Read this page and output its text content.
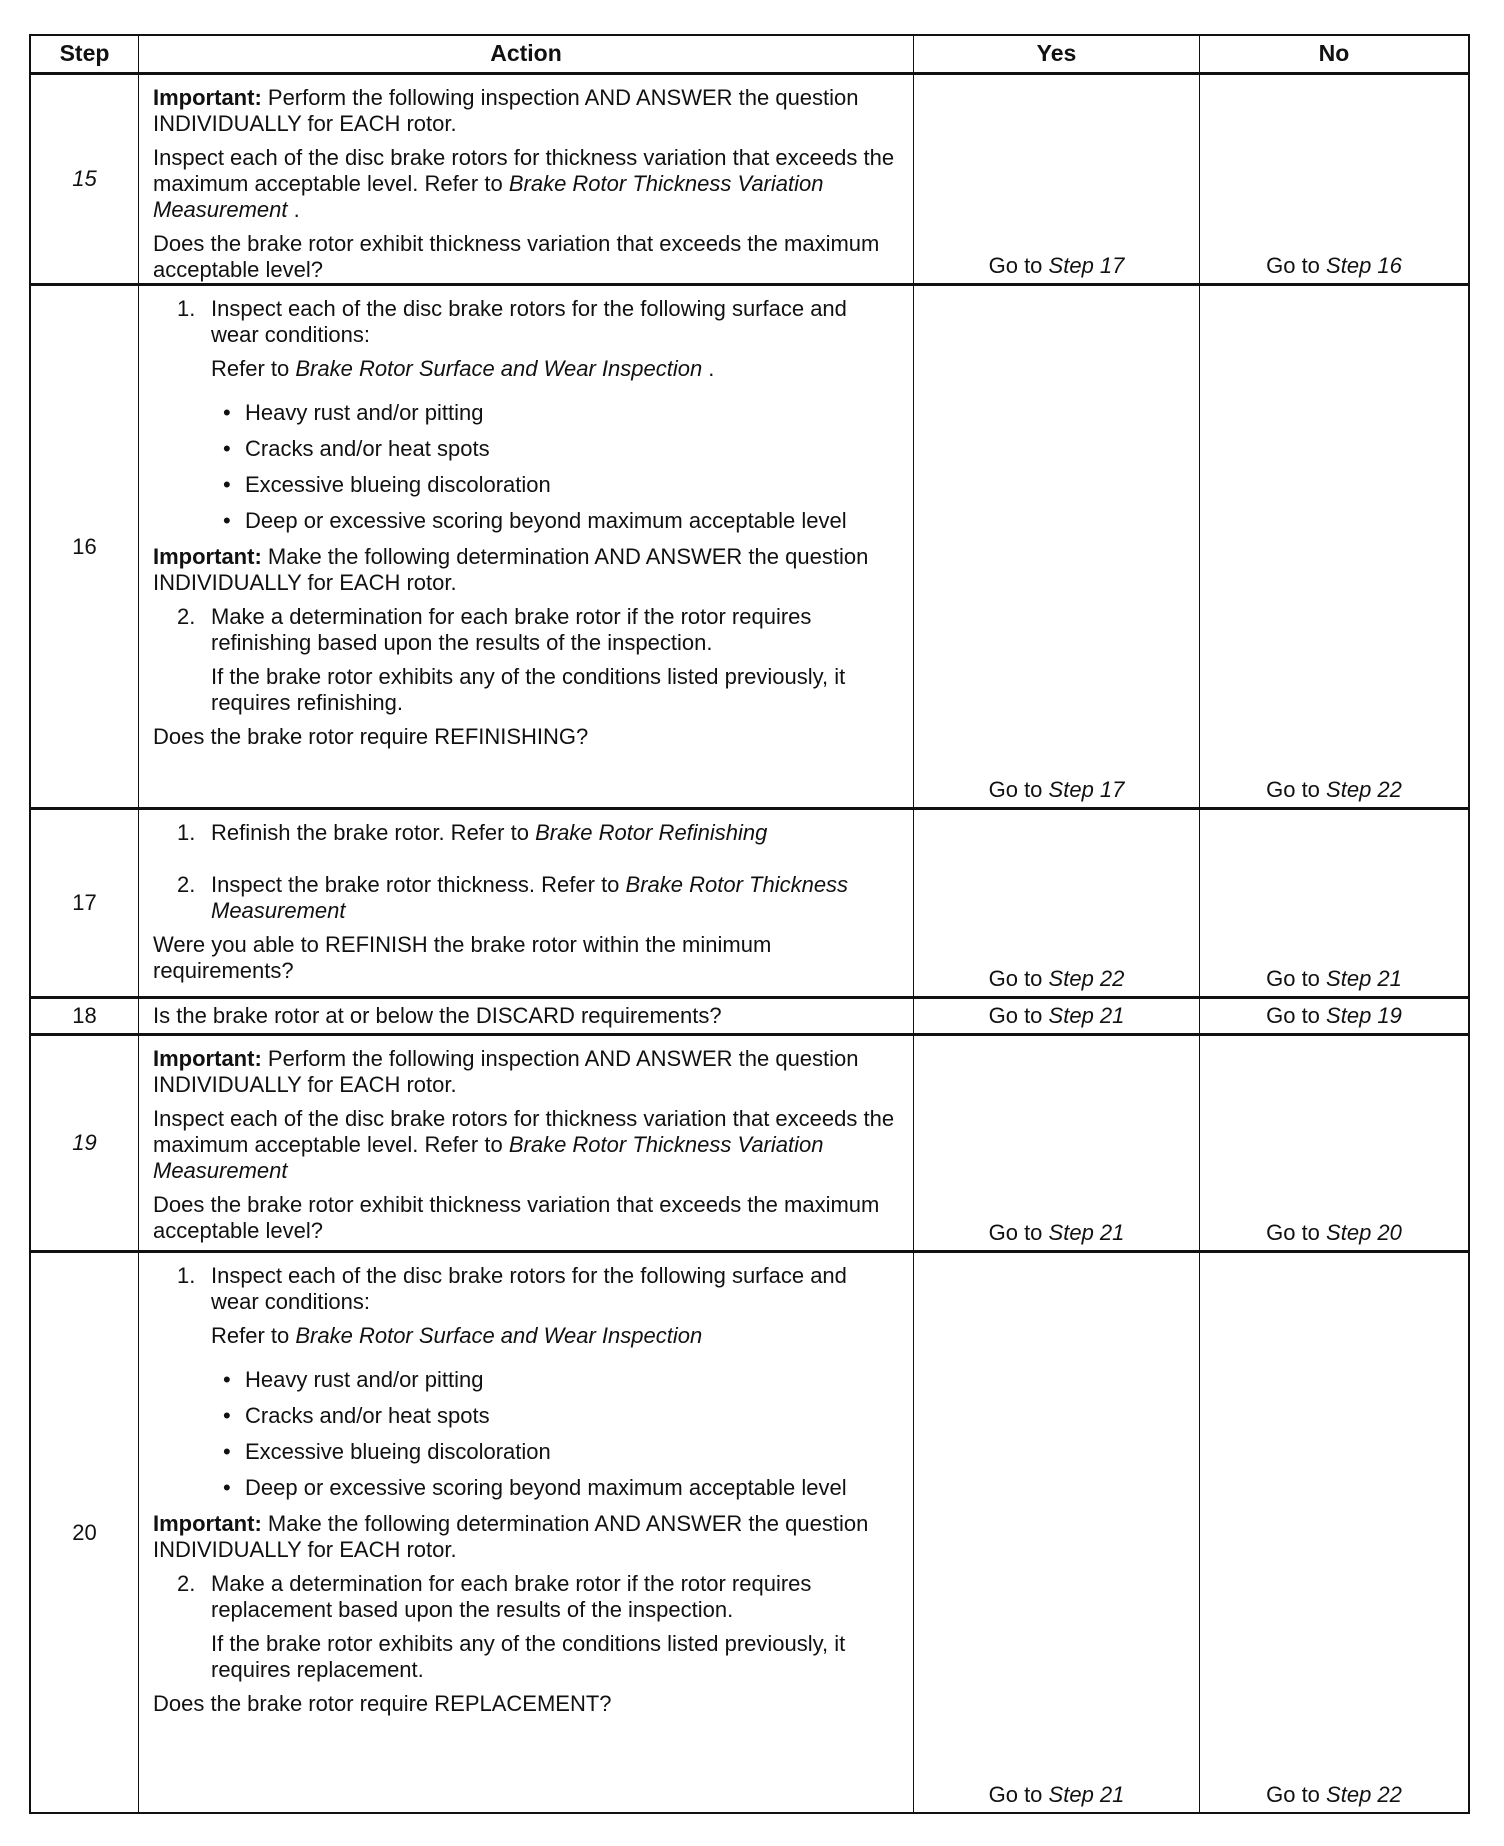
Step	Action	Yes	No
15

Important: Perform the following inspection AND ANSWER the question INDIVIDUALLY for EACH rotor.

Inspect each of the disc brake rotors for thickness variation that exceeds the maximum acceptable level. Refer to Brake Rotor Thickness Variation Measurement .

Does the brake rotor exhibit thickness variation that exceeds the maximum acceptable level?	Go to Step 17	Go to Step 16
16
1. Inspect each of the disc brake rotors for the following surface and wear conditions:

Refer to Brake Rotor Surface and Wear Inspection .

• Heavy rust and/or pitting
• Cracks and/or heat spots
• Excessive blueing discoloration
• Deep or excessive scoring beyond maximum acceptable level

Important: Make the following determination AND ANSWER the question INDIVIDUALLY for EACH rotor.

2. Make a determination for each brake rotor if the rotor requires refinishing based upon the results of the inspection.

If the brake rotor exhibits any of the conditions listed previously, it requires refinishing.

Does the brake rotor require REFINISHING?

Go to Step 17	Go to Step 22
17
1. Refinish the brake rotor. Refer to Brake Rotor Refinishing
2. Inspect the brake rotor thickness. Refer to Brake Rotor Thickness Measurement

Were you able to REFINISH the brake rotor within the minimum requirements?	Go to Step 22	Go to Step 21
18	Is the brake rotor at or below the DISCARD requirements?	Go to Step 21	Go to Step 19
19

Important: Perform the following inspection AND ANSWER the question INDIVIDUALLY for EACH rotor.

Inspect each of the disc brake rotors for thickness variation that exceeds the maximum acceptable level. Refer to Brake Rotor Thickness Variation Measurement

Does the brake rotor exhibit thickness variation that exceeds the maximum acceptable level?	Go to Step 21	Go to Step 20
20
1. Inspect each of the disc brake rotors for the following surface and wear conditions:

Refer to Brake Rotor Surface and Wear Inspection

• Heavy rust and/or pitting
• Cracks and/or heat spots
• Excessive blueing discoloration
• Deep or excessive scoring beyond maximum acceptable level

Important: Make the following determination AND ANSWER the question INDIVIDUALLY for EACH rotor.

2. Make a determination for each brake rotor if the rotor requires replacement based upon the results of the inspection.

If the brake rotor exhibits any of the conditions listed previously, it requires replacement.

Does the brake rotor require REPLACEMENT?

Go to Step 21	Go to Step 22
